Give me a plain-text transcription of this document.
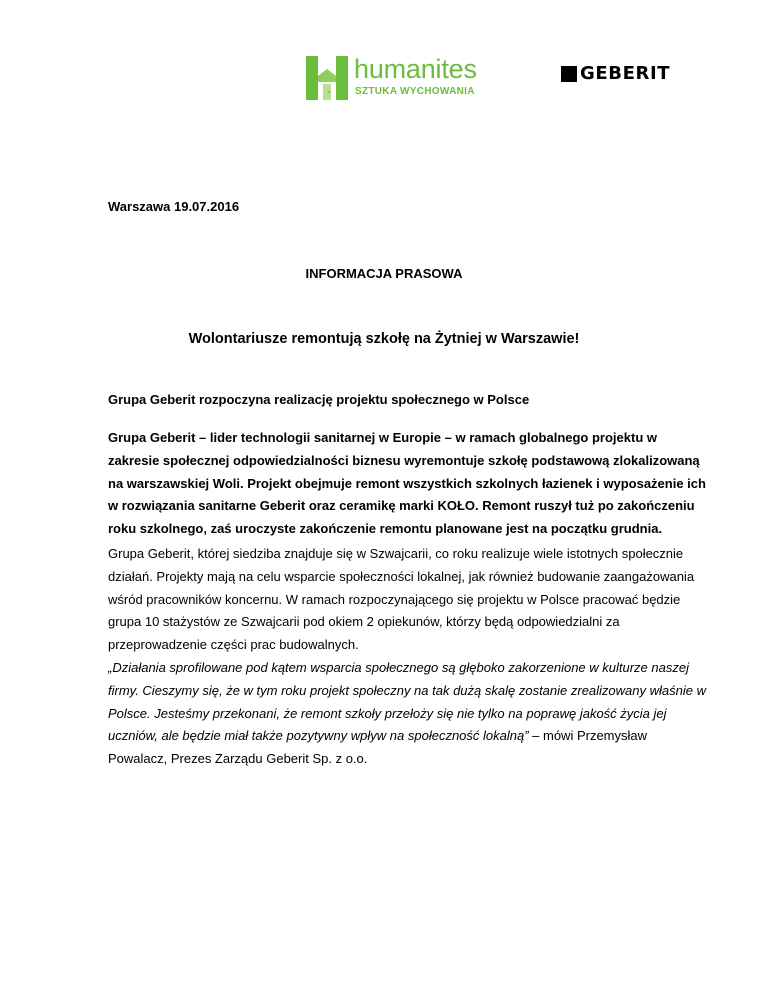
humanites
SZTUKA WYCHOWANIA
GEBERIT

Warszawa 19.07.2016

INFORMACJA PRASOWA

Wolontariusze remontują szkołę na Żytniej w Warszawie!

Grupa Geberit rozpoczyna realizację projektu społecznego w Polsce

Grupa Geberit – lider technologii sanitarnej w Europie – w ramach globalnego projektu w zakresie społecznej odpowiedzialności biznesu wyremontuje szkołę podstawową zlokalizowaną na warszawskiej Woli. Projekt obejmuje remont wszystkich szkolnych łazienek i wyposażenie ich w rozwiązania sanitarne Geberit oraz ceramikę marki KOŁO. Remont ruszył tuż po zakończeniu roku szkolnego, zaś uroczyste zakończenie remontu planowane jest na początku grudnia.

Grupa Geberit, której siedziba znajduje się w Szwajcarii, co roku realizuje wiele istotnych społecznie działań. Projekty mają na celu wsparcie społeczności lokalnej, jak również budowanie zaangażowania wśród pracowników koncernu. W ramach rozpoczynającego się projektu w Polsce pracować będzie grupa 10 stażystów ze Szwajcarii pod okiem 2 opiekunów, którzy będą odpowiedzialni za przeprowadzenie części prac budowalnych.

„Działania sprofilowane pod kątem wsparcia społecznego są głęboko zakorzenione w kulturze naszej firmy. Cieszymy się, że w tym roku projekt społeczny na tak dużą skalę zostanie zrealizowany właśnie w Polsce. Jesteśmy przekonani, że remont szkoły przełoży się nie tylko na poprawę jakość życia jej uczniów, ale będzie miał także pozytywny wpływ na społeczność lokalną” – mówi Przemysław Powalacz, Prezes Zarządu Geberit Sp. z o.o.
